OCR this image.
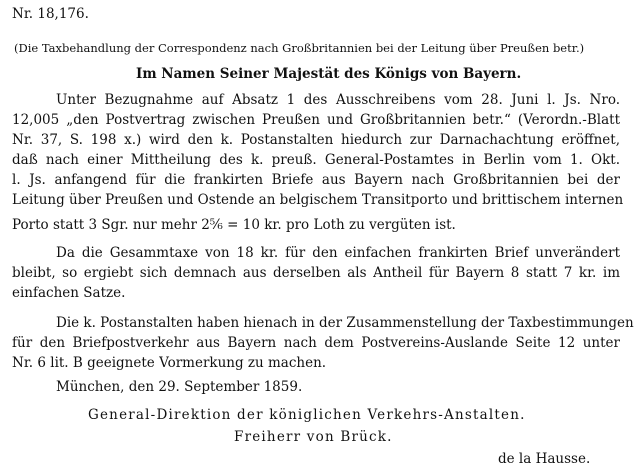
Nr. 18,176.
(Die Taxbehandlung der Correspondenz nach Großbritannien bei der Leitung über Preußen betr.)
Im Namen Seiner Majestät des Königs von Bayern.
Unter Bezugnahme auf Absatz 1 des Ausschreibens vom 28. Juni l. Js. Nro.
12,005 „den Postvertrag zwischen Preußen und Großbritannien betr.“ (Verordn.-Blatt
Nr. 37, S. 198 x.) wird den k. Postanstalten hiedurch zur Darnachachtung eröffnet,
daß nach einer Mittheilung des k. preuß. General-Postamtes in Berlin vom 1. Okt.
l. Js. anfangend für die frankirten Briefe aus Bayern nach Großbritannien bei der
Leitung über Preußen und Ostende an belgischem Transitporto und brittischem internen
Porto statt 3 Sgr. nur mehr 2⅚ = 10 kr. pro Loth zu vergüten ist.
Da die Gesammtaxe von 18 kr. für den einfachen frankirten Brief unverändert
bleibt, so ergiebt sich demnach aus derselben als Antheil für Bayern 8 statt 7 kr. im
einfachen Satze.
Die k. Postanstalten haben hienach in der Zusammenstellung der Taxbestimmungen
für den Briefpostverkehr aus Bayern nach dem Postvereins-Auslande Seite 12 unter
Nr. 6 lit. B geeignete Vormerkung zu machen.
München, den 29. September 1859.
General-Direktion der königlichen Verkehrs-Anstalten.
Freiherr von Brück.
de la Hausse.
